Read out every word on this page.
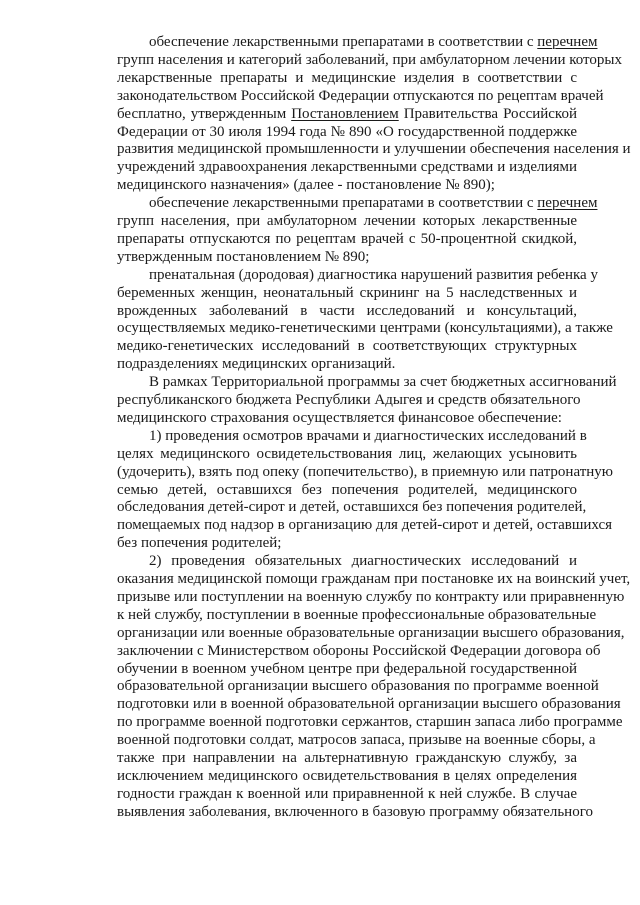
обеспечение лекарственными препаратами в соответствии с перечнем
групп населения и категорий заболеваний, при амбулаторном лечении которых
лекарственные препараты и медицинские изделия в соответствии с
законодательством Российской Федерации отпускаются по рецептам врачей
бесплатно, утвержденным Постановлением Правительства Российской
Федерации от 30 июля 1994 года № 890 «О государственной поддержке
развития медицинской промышленности и улучшении обеспечения населения и
учреждений здравоохранения лекарственными средствами и изделиями
медицинского назначения» (далее - постановление № 890);
обеспечение лекарственными препаратами в соответствии с перечнем
групп населения, при амбулаторном лечении которых лекарственные
препараты отпускаются по рецептам врачей с 50-процентной скидкой,
утвержденным постановлением № 890;
пренатальная (дородовая) диагностика нарушений развития ребенка у
беременных женщин, неонатальный скрининг на 5 наследственных и
врожденных заболеваний в части исследований и консультаций,
осуществляемых медико-генетическими центрами (консультациями), а также
медико-генетических исследований в соответствующих структурных
подразделениях медицинских организаций.
В рамках Территориальной программы за счет бюджетных ассигнований
республиканского бюджета Республики Адыгея и средств обязательного
медицинского страхования осуществляется финансовое обеспечение:
1) проведения осмотров врачами и диагностических исследований в
целях медицинского освидетельствования лиц, желающих усыновить
(удочерить), взять под опеку (попечительство), в приемную или патронатную
семью детей, оставшихся без попечения родителей, медицинского
обследования детей-сирот и детей, оставшихся без попечения родителей,
помещаемых под надзор в организацию для детей-сирот и детей, оставшихся
без попечения родителей;
2) проведения обязательных диагностических исследований и
оказания медицинской помощи гражданам при постановке их на воинский учет,
призыве или поступлении на военную службу по контракту или приравненную
к ней службу, поступлении в военные профессиональные образовательные
организации или военные образовательные организации высшего образования,
заключении с Министерством обороны Российской Федерации договора об
обучении в военном учебном центре при федеральной государственной
образовательной организации высшего образования по программе военной
подготовки или в военной образовательной организации высшего образования
по программе военной подготовки сержантов, старшин запаса либо программе
военной подготовки солдат, матросов запаса, призыве на военные сборы, а
также при направлении на альтернативную гражданскую службу, за
исключением медицинского освидетельствования в целях определения
годности граждан к военной или приравненной к ней службе. В случае
выявления заболевания, включенного в базовую программу обязательного
